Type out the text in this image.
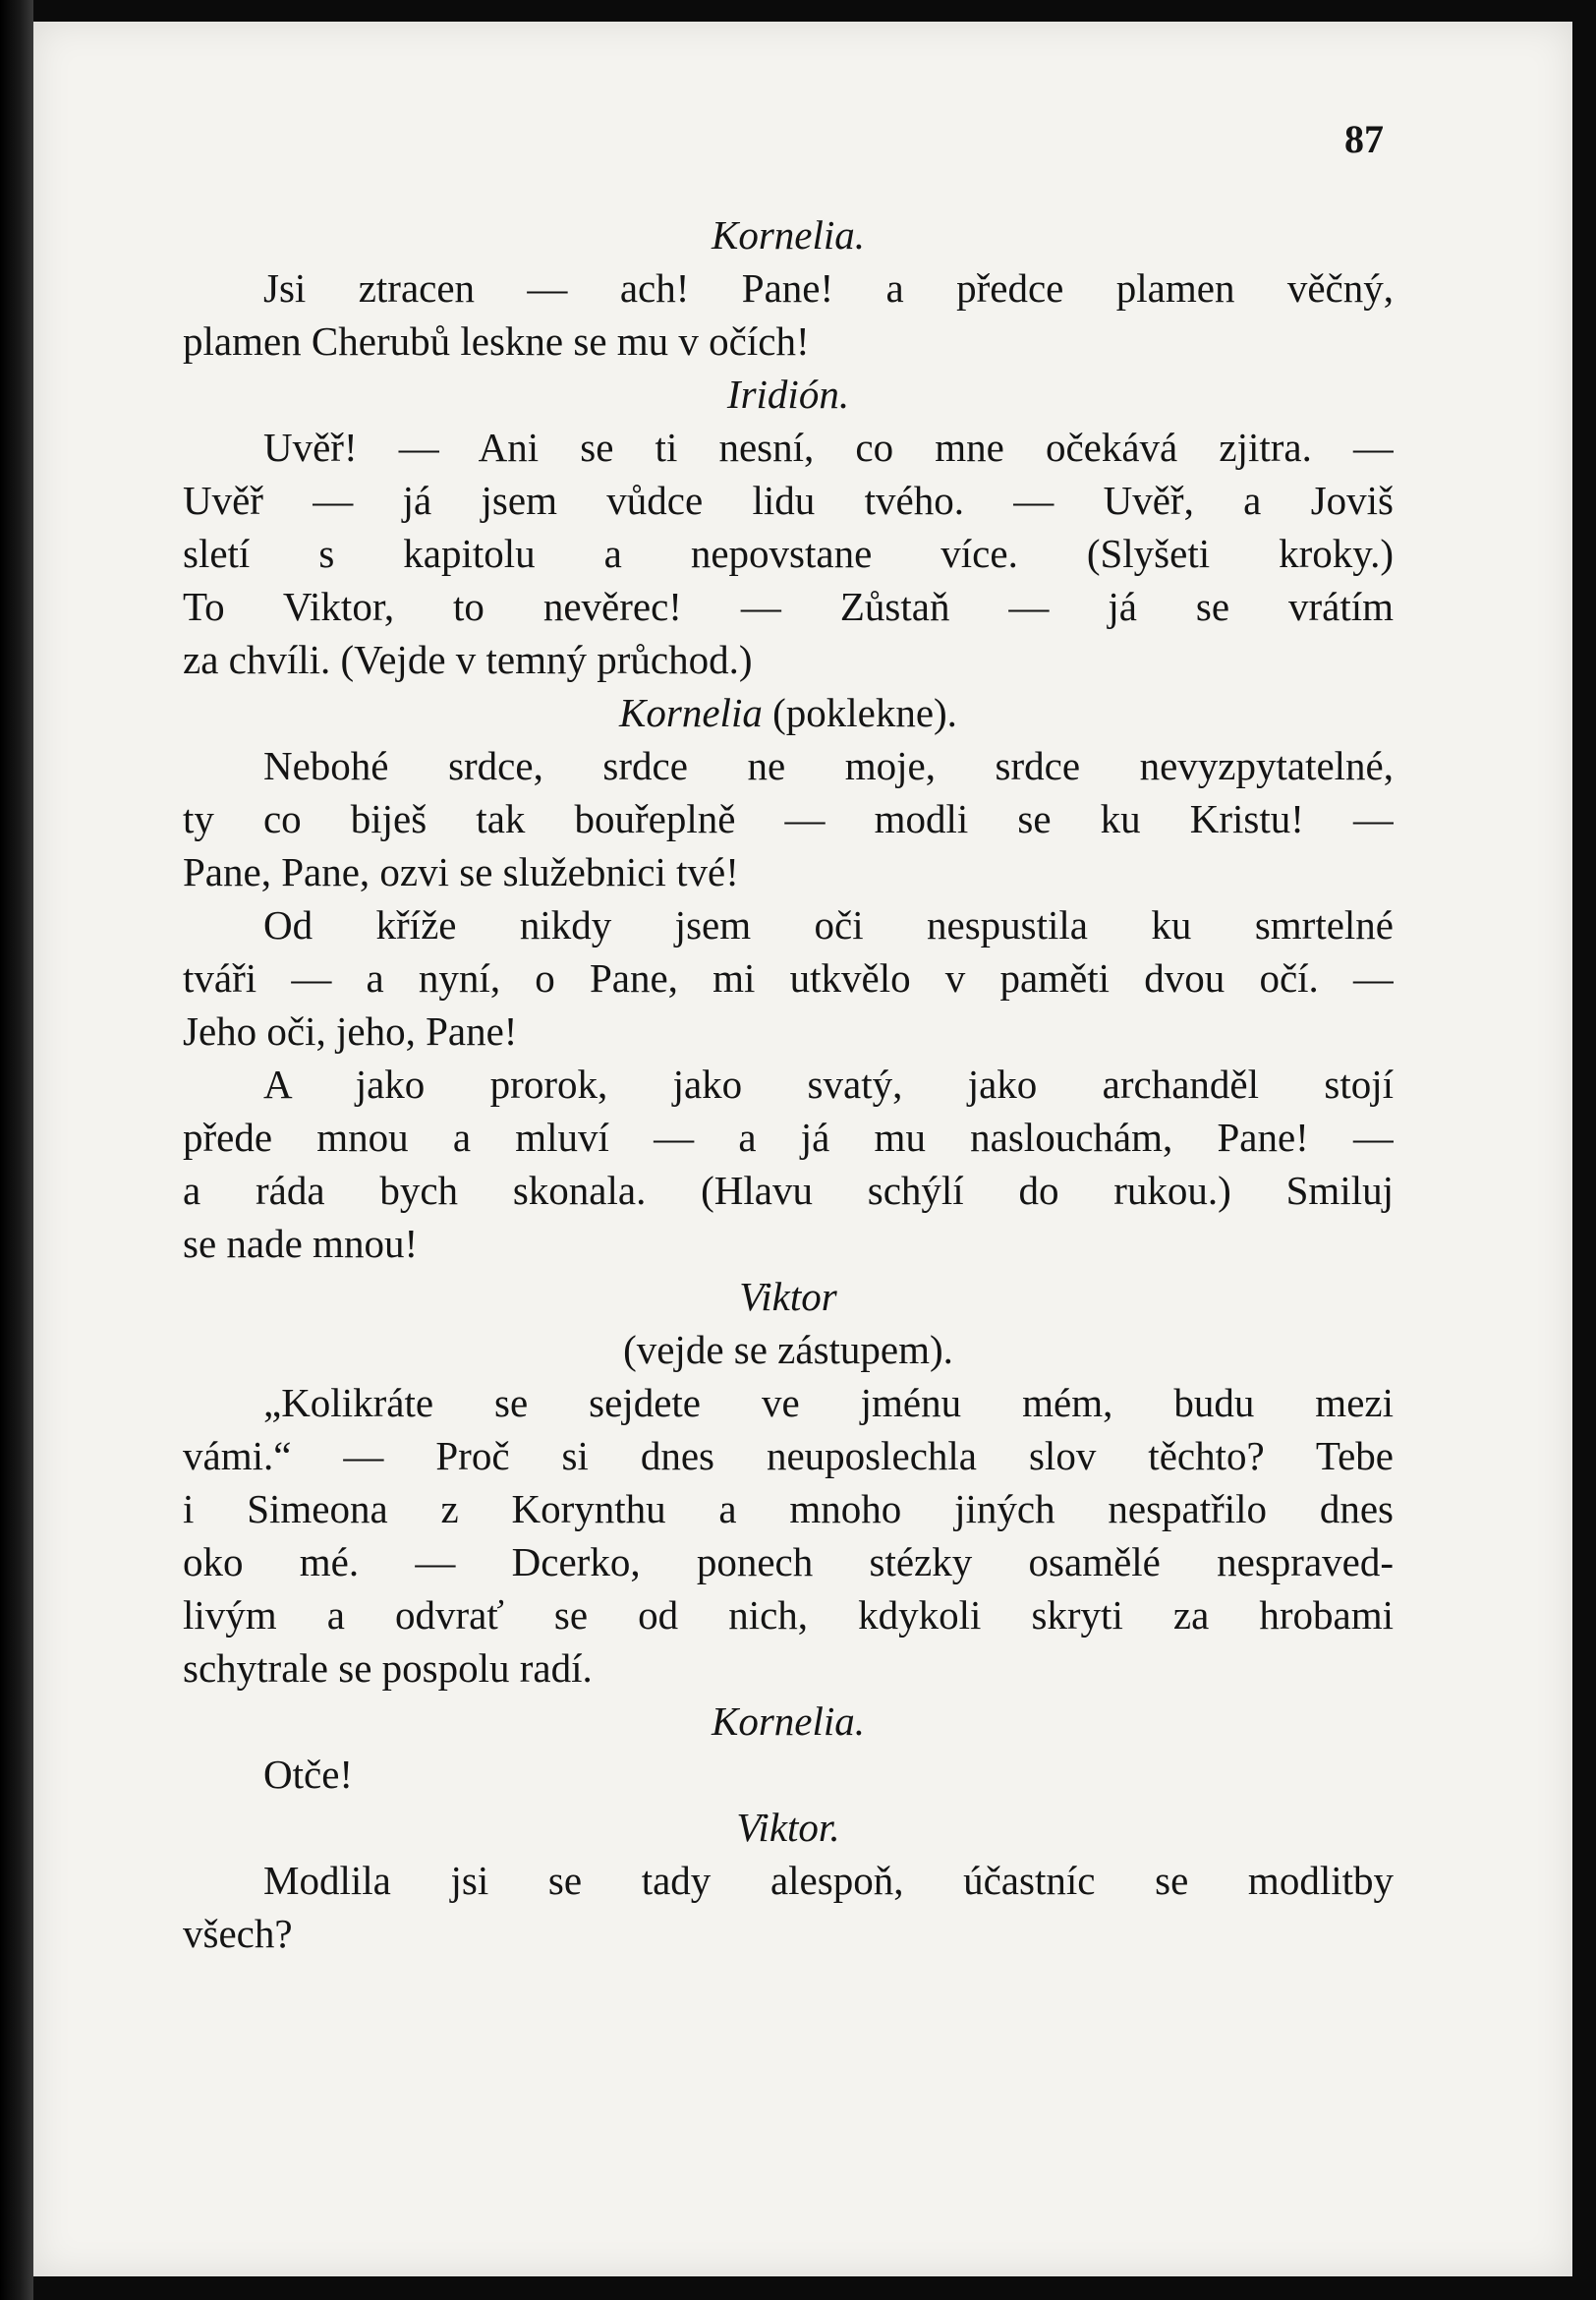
87
Kornelia.
Jsi ztracen — ach! Pane! a předce plamen věčný,
plamen Cherubů leskne se mu v očích!
Iridión.
Uvěř! — Ani se ti nesní, co mne očekává zjitra. —
Uvěř — já jsem vůdce lidu tvého. — Uvěř, a Joviš
sletí s kapitolu a nepovstane více. (Slyšeti kroky.)
To Viktor, to nevěrec! — Zůstaň — já se vrátím
za chvíli. (Vejde v temný průchod.)
Kornelia (poklekne).
Nebohé srdce, srdce ne moje, srdce nevyzpytatelné,
ty co biješ tak bouřeplně — modli se ku Kristu! —
Pane, Pane, ozvi se služebnici tvé!
Od kříže nikdy jsem oči nespustila ku smrtelné
tváři — a nyní, o Pane, mi utkvělo v paměti dvou očí. —
Jeho oči, jeho, Pane!
A jako prorok, jako svatý, jako archanděl stojí
přede mnou a mluví — a já mu naslouchám, Pane! —
a ráda bych skonala. (Hlavu schýlí do rukou.) Smiluj
se nade mnou!
Viktor
(vejde se zástupem).
„Kolikráte se sejdete ve jménu mém, budu mezi
vámi.“ — Proč si dnes neuposlechla slov těchto? Tebe
i Simeona z Korynthu a mnoho jiných nespatřilo dnes
oko mé. — Dcerko, ponech stézky osamělé nespraved-
livým a odvrať se od nich, kdykoli skryti za hrobami
schytrale se pospolu radí.
Kornelia.
Otče!
Viktor.
Modlila jsi se tady alespoň, účastníc se modlitby
všech?
